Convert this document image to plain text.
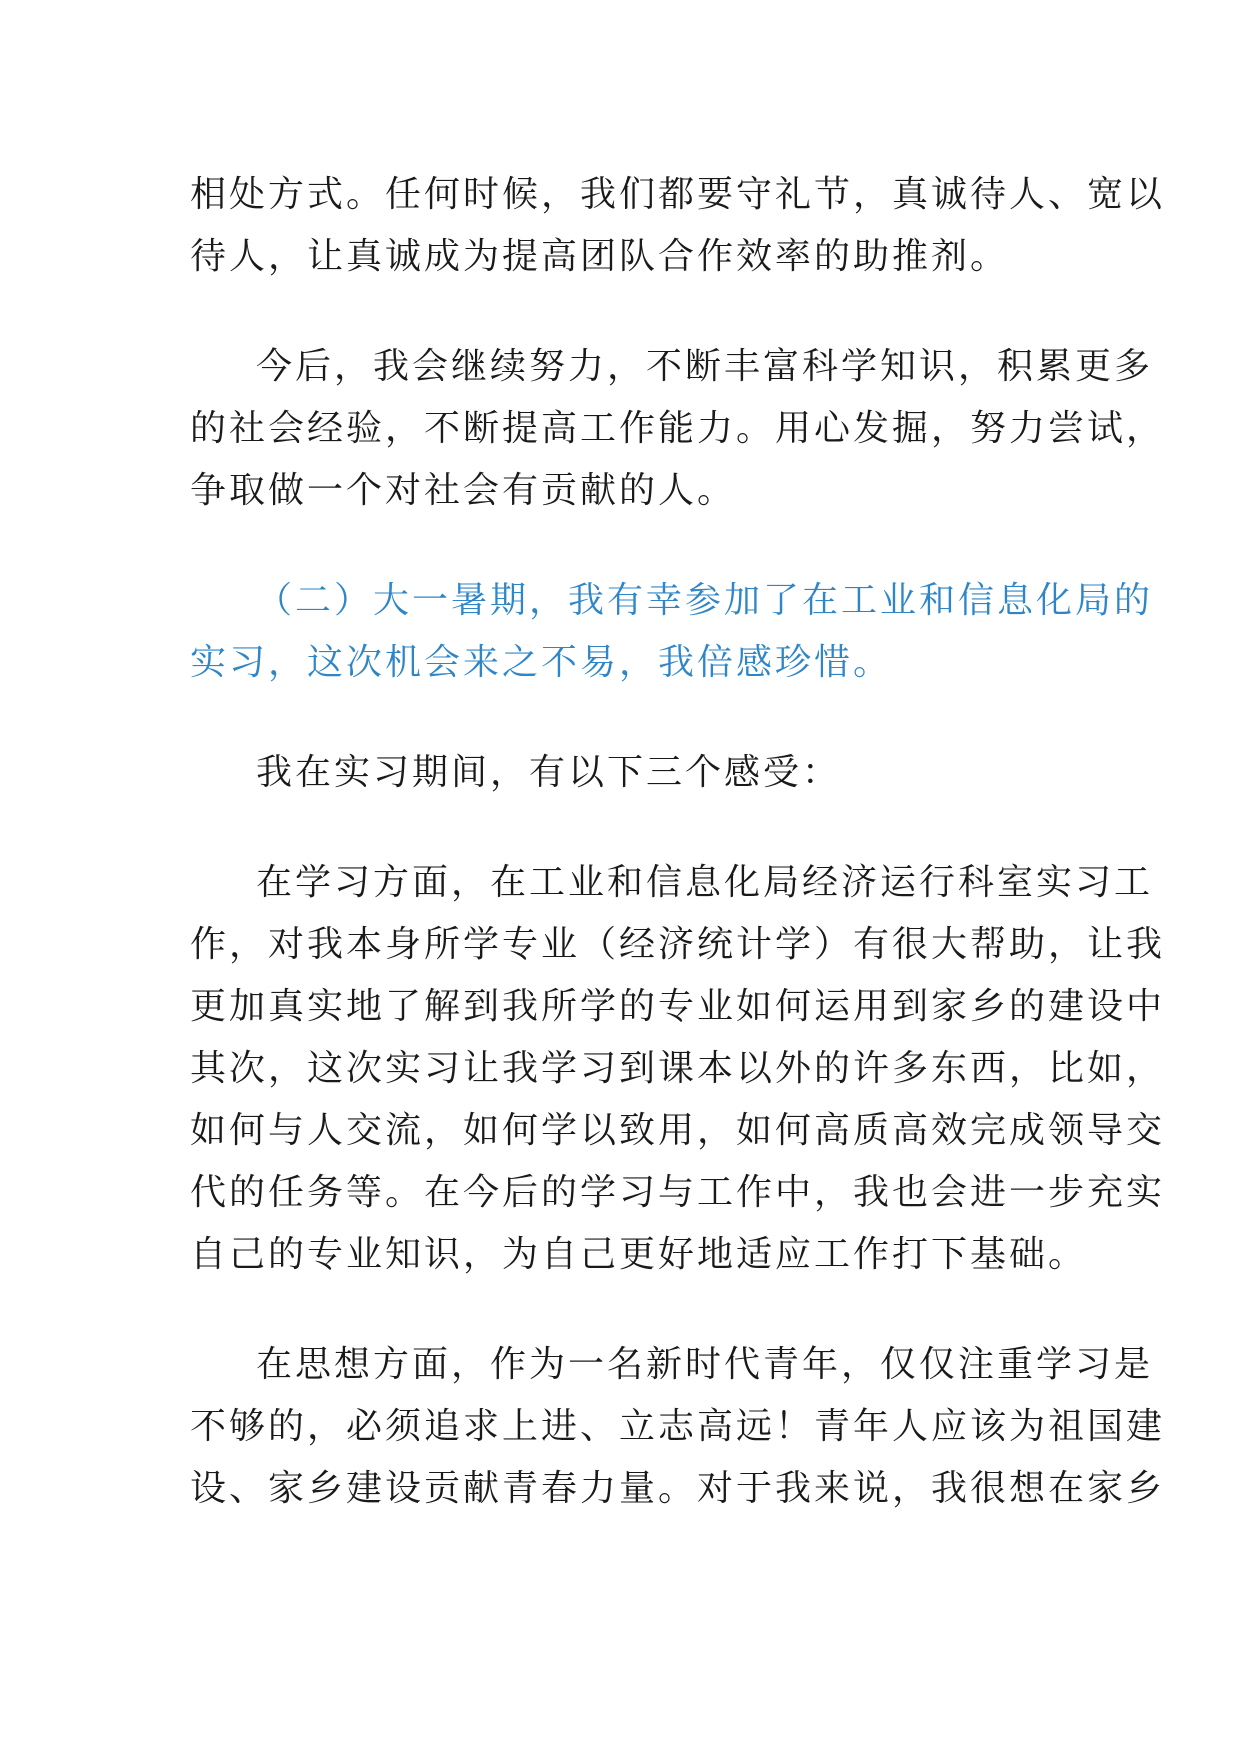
相处方式。任何时候，我们都要守礼节，真诚待人、宽以
待人，让真诚成为提高团队合作效率的助推剂。
今后，我会继续努力，不断丰富科学知识，积累更多
的社会经验，不断提高工作能力。用心发掘，努力尝试，
争取做一个对社会有贡献的人。
（二）大一暑期，我有幸参加了在工业和信息化局的
实习，这次机会来之不易，我倍感珍惜。
我在实习期间，有以下三个感受：
在学习方面，在工业和信息化局经济运行科室实习工
作，对我本身所学专业（经济统计学）有很大帮助，让我
更加真实地了解到我所学的专业如何运用到家乡的建设中
其次，这次实习让我学习到课本以外的许多东西，比如，
如何与人交流，如何学以致用，如何高质高效完成领导交
代的任务等。在今后的学习与工作中，我也会进一步充实
自己的专业知识，为自己更好地适应工作打下基础。
在思想方面，作为一名新时代青年，仅仅注重学习是
不够的，必须追求上进、立志高远！青年人应该为祖国建
设、家乡建设贡献青春力量。对于我来说，我很想在家乡
